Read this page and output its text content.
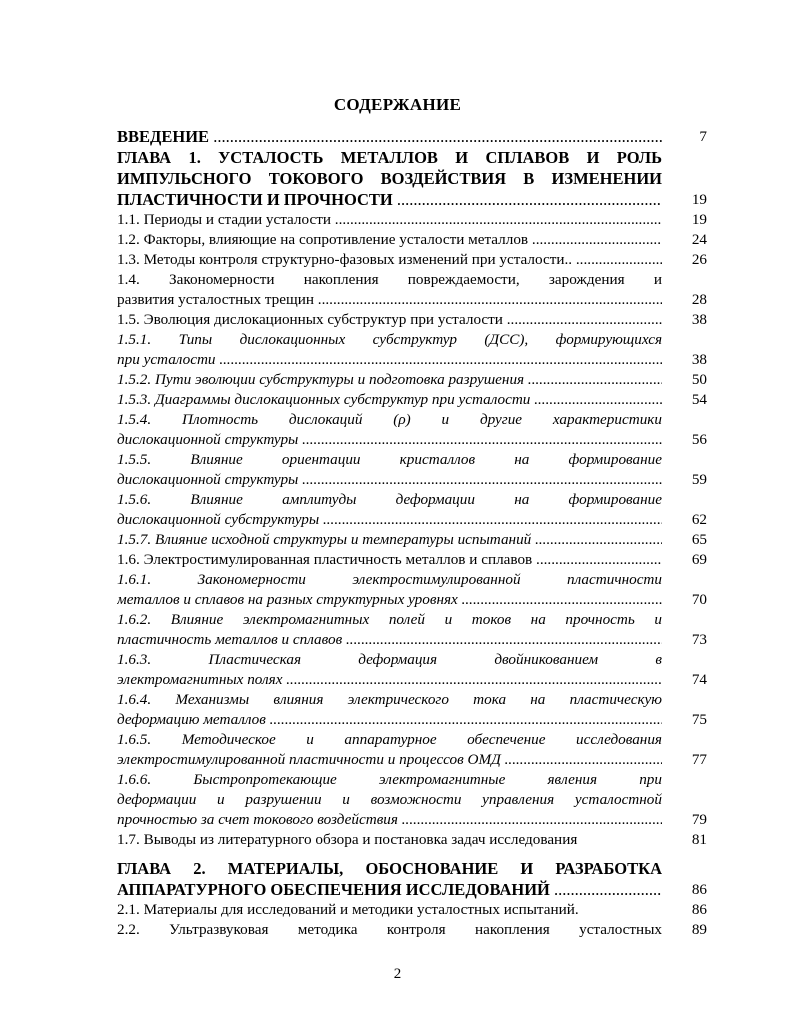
СОДЕРЖАНИЕ
ВВЕДЕНИЕ .....	7
ГЛАВА 1. УСТАЛОСТЬ МЕТАЛЛОВ И СПЛАВОВ И РОЛЬ
ИМПУЛЬСНОГО ТОКОВОГО ВОЗДЕЙСТВИЯ В ИЗМЕНЕНИИ
ПЛАСТИЧНОСТИ И ПРОЧНОСТИ .....	19
1.1. Периоды и стадии усталости .....	19
1.2. Факторы, влияющие на сопротивление усталости металлов .....	24
1.3. Методы контроля структурно-фазовых изменений при усталости.. .....	26
1.4. Закономерности накопления повреждаемости, зарождения и
развития усталостных трещин .....	28
1.5. Эволюция дислокационных субструктур при усталости .....	38
1.5.1. Типы дислокационных субструктур (ДСС), формирующихся
при усталости .....	38
1.5.2. Пути эволюции субструктуры и подготовка разрушения .....	50
1.5.3. Диаграммы дислокационных субструктур при усталости .....	54
1.5.4. Плотность дислокаций (ρ) и другие характеристики
дислокационной структуры .....	56
1.5.5. Влияние ориентации кристаллов на формирование
дислокационной структуры .....	59
1.5.6. Влияние амплитуды деформации на формирование
дислокационной субструктуры .....	62
1.5.7. Влияние исходной структуры и температуры испытаний .....	65
1.6. Электростимулированная пластичность металлов и сплавов .....	69
1.6.1. Закономерности электростимулированной пластичности
металлов и сплавов на разных структурных уровнях .....	70
1.6.2. Влияние электромагнитных полей и токов на прочность и
пластичность металлов и сплавов .....	73
1.6.3. Пластическая деформация двойникованием в
электромагнитных полях .....	74
1.6.4. Механизмы влияния электрического тока на пластическую
деформацию металлов .....	75
1.6.5. Методическое и аппаратурное обеспечение исследования
электростимулированной пластичности и процессов ОМД .....	77
1.6.6. Быстропротекающие электромагнитные явления при
деформации и разрушении и возможности управления усталостной
прочностью за счет токового воздействия .....	79
1.7. Выводы из литературного обзора и постановка задач исследования	81
ГЛАВА 2. МАТЕРИАЛЫ, ОБОСНОВАНИЕ И РАЗРАБОТКА
АППАРАТУРНОГО ОБЕСПЕЧЕНИЯ ИССЛЕДОВАНИЙ .....	86
2.1. Материалы для исследований и методики усталостных испытаний.	86
2.2. Ультразвуковая методика контроля накопления усталостных	89
2
